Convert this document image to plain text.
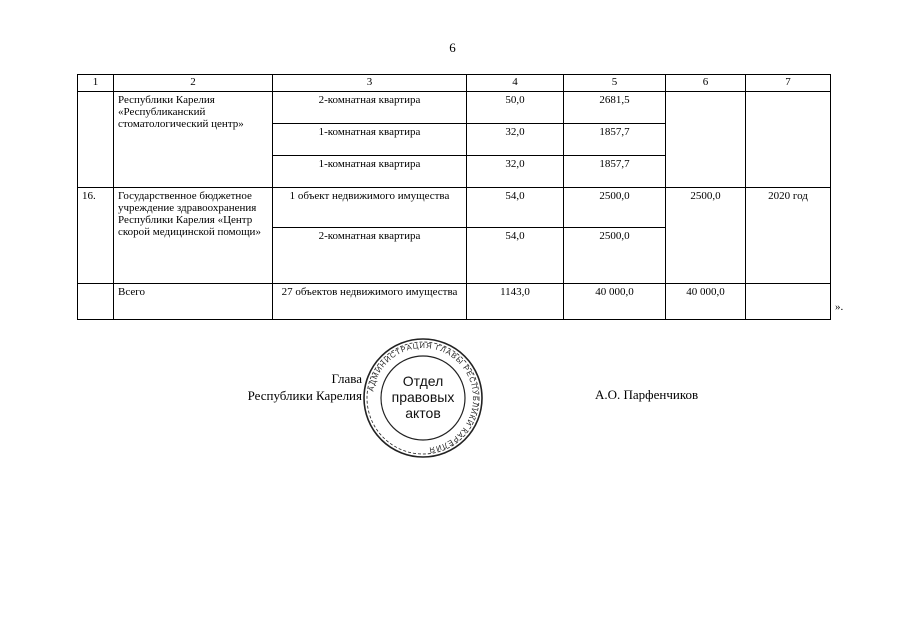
6
1	2	3	4	5	6	7
	Республики Карелия «Республиканский стоматологический центр»	2-комнатная квартира	50,0	2681,5		
		1-комнатная квартира	32,0	1857,7		
		1-комнатная квартира	32,0	1857,7		
16.	Государственное бюджетное учреждение здравоохранения Республики Карелия «Центр скорой медицинской помощи»	1 объект недвижимого имущества	54,0	2500,0	2500,0	2020 год
		2-комнатная квартира	54,0	2500,0		
	Всего	27 объектов недвижимого имущества	1143,0	40 000,0	40 000,0	
».
Глава
Республики Карелия АДМИНИСТРАЦИЯ ГЛАВЫ РЕСПУБЛИКИ КАРЕЛИЯ
Отдел
правовых
актов
А.О. Парфенчиков
